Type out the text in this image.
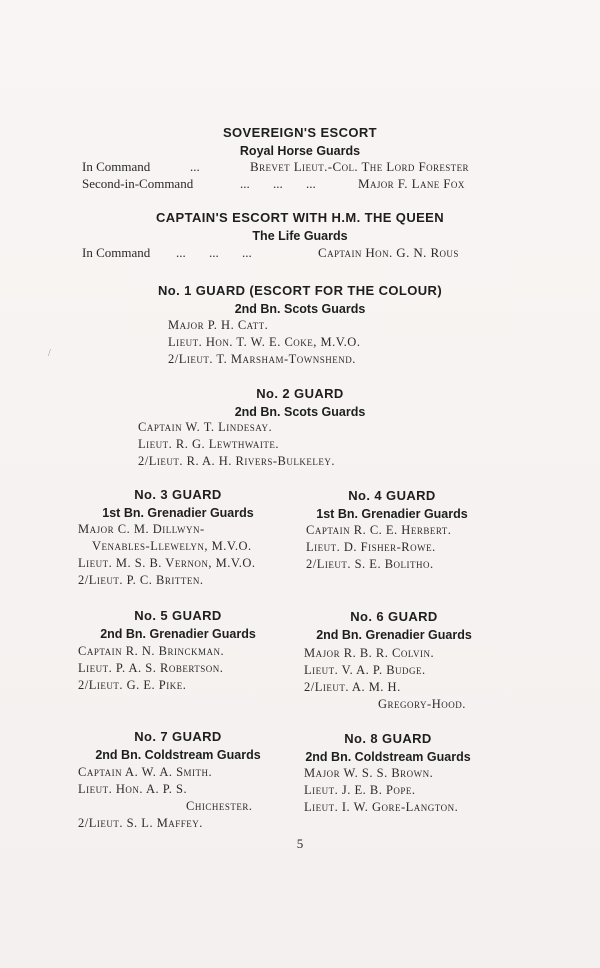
SOVEREIGN'S ESCORT
Royal Horse Guards
In Command	...	Brevet Lieut.-Col. The Lord Forester
Second-in-Command	... ... ...	Major F. Lane Fox
CAPTAIN'S ESCORT WITH H.M. THE QUEEN
The Life Guards
In Command ... ... ...	Captain Hon. G. N. Rous
No. 1 GUARD (ESCORT FOR THE COLOUR)
2nd Bn. Scots Guards
Major P. H. Catt.
Lieut. Hon. T. W. E. Coke, M.V.O.
2/Lieut. T. Marsham-Townshend.
No. 2 GUARD
2nd Bn. Scots Guards
Captain W. T. Lindesay.
Lieut. R. G. Lewthwaite.
2/Lieut. R. A. H. Rivers-Bulkeley.
No. 3 GUARD
1st Bn. Grenadier Guards
Major C. M. Dillwyn-
Venables-Llewelyn, M.V.O.
Lieut. M. S. B. Vernon, M.V.O.
2/Lieut. P. C. Britten.
No. 4 GUARD
1st Bn. Grenadier Guards
Captain R. C. E. Herbert.
Lieut. D. Fisher-Rowe.
2/Lieut. S. E. Bolitho.
No. 5 GUARD
2nd Bn. Grenadier Guards
Captain R. N. Brinckman.
Lieut. P. A. S. Robertson.
2/Lieut. G. E. Pike.
No. 6 GUARD
2nd Bn. Grenadier Guards
Major R. B. R. Colvin.
Lieut. V. A. P. Budge.
2/Lieut. A. M. H.
Gregory-Hood.
No. 7 GUARD
2nd Bn. Coldstream Guards
Captain A. W. A. Smith.
Lieut. Hon. A. P. S.
Chichester.
2/Lieut. S. L. Maffey.
No. 8 GUARD
2nd Bn. Coldstream Guards
Major W. S. S. Brown.
Lieut. J. E. B. Pope.
Lieut. I. W. Gore-Langton.
5
/
